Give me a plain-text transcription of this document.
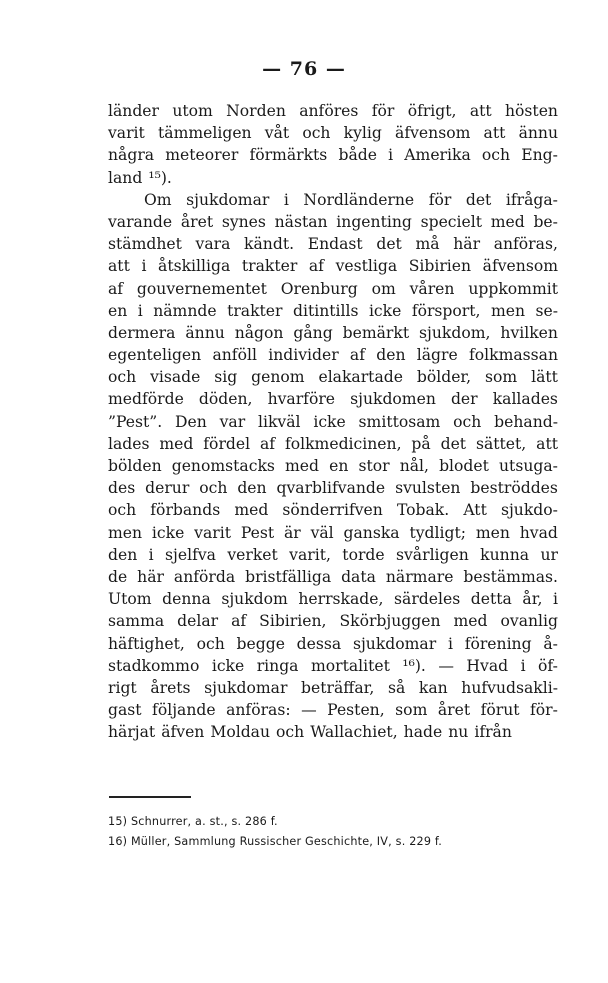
— 76 —
länder utom Norden anföres för öfrigt, att hösten
varit tämmeligen våt och kylig äfvensom att ännu
några meteorer förmärkts både i Amerika och Eng-
land ¹⁵).
Om sjukdomar i Nordländerne för det ifråga-
varande året synes nästan ingenting specielt med be-
stämdhet vara kändt. Endast det må här anföras,
att i åtskilliga trakter af vestliga Sibirien äfvensom
af gouvernementet Orenburg om våren uppkommit
en i nämnde trakter ditintills icke försport, men se-
dermera ännu någon gång bemärkt sjukdom, hvilken
egenteligen anföll individer af den lägre folkmassan
och visade sig genom elakartade bölder, som lätt
medförde döden, hvarföre sjukdomen der kallades
”Pest”. Den var likväl icke smittosam och behand-
lades med fördel af folkmedicinen, på det sättet, att
bölden genomstacks med en stor nål, blodet utsuga-
des derur och den qvarblifvande svulsten beströddes
och förbands med sönderrifven Tobak. Att sjukdo-
men icke varit Pest är väl ganska tydligt; men hvad
den i sjelfva verket varit, torde svårligen kunna ur
de här anförda bristfälliga data närmare bestämmas.
Utom denna sjukdom herrskade, särdeles detta år, i
samma delar af Sibirien, Skörbjuggen med ovanlig
häftighet, och begge dessa sjukdomar i förening å-
stadkommo icke ringa mortalitet ¹⁶). — Hvad i öf-
rigt årets sjukdomar beträffar, så kan hufvudsakli-
gast följande anföras: — Pesten, som året förut för-
härjat äfven Moldau och Wallachiet, hade nu ifrån
15) Schnurrer, a. st., s. 286 f.
16) Müller, Sammlung Russischer Geschichte, IV, s. 229 f.
